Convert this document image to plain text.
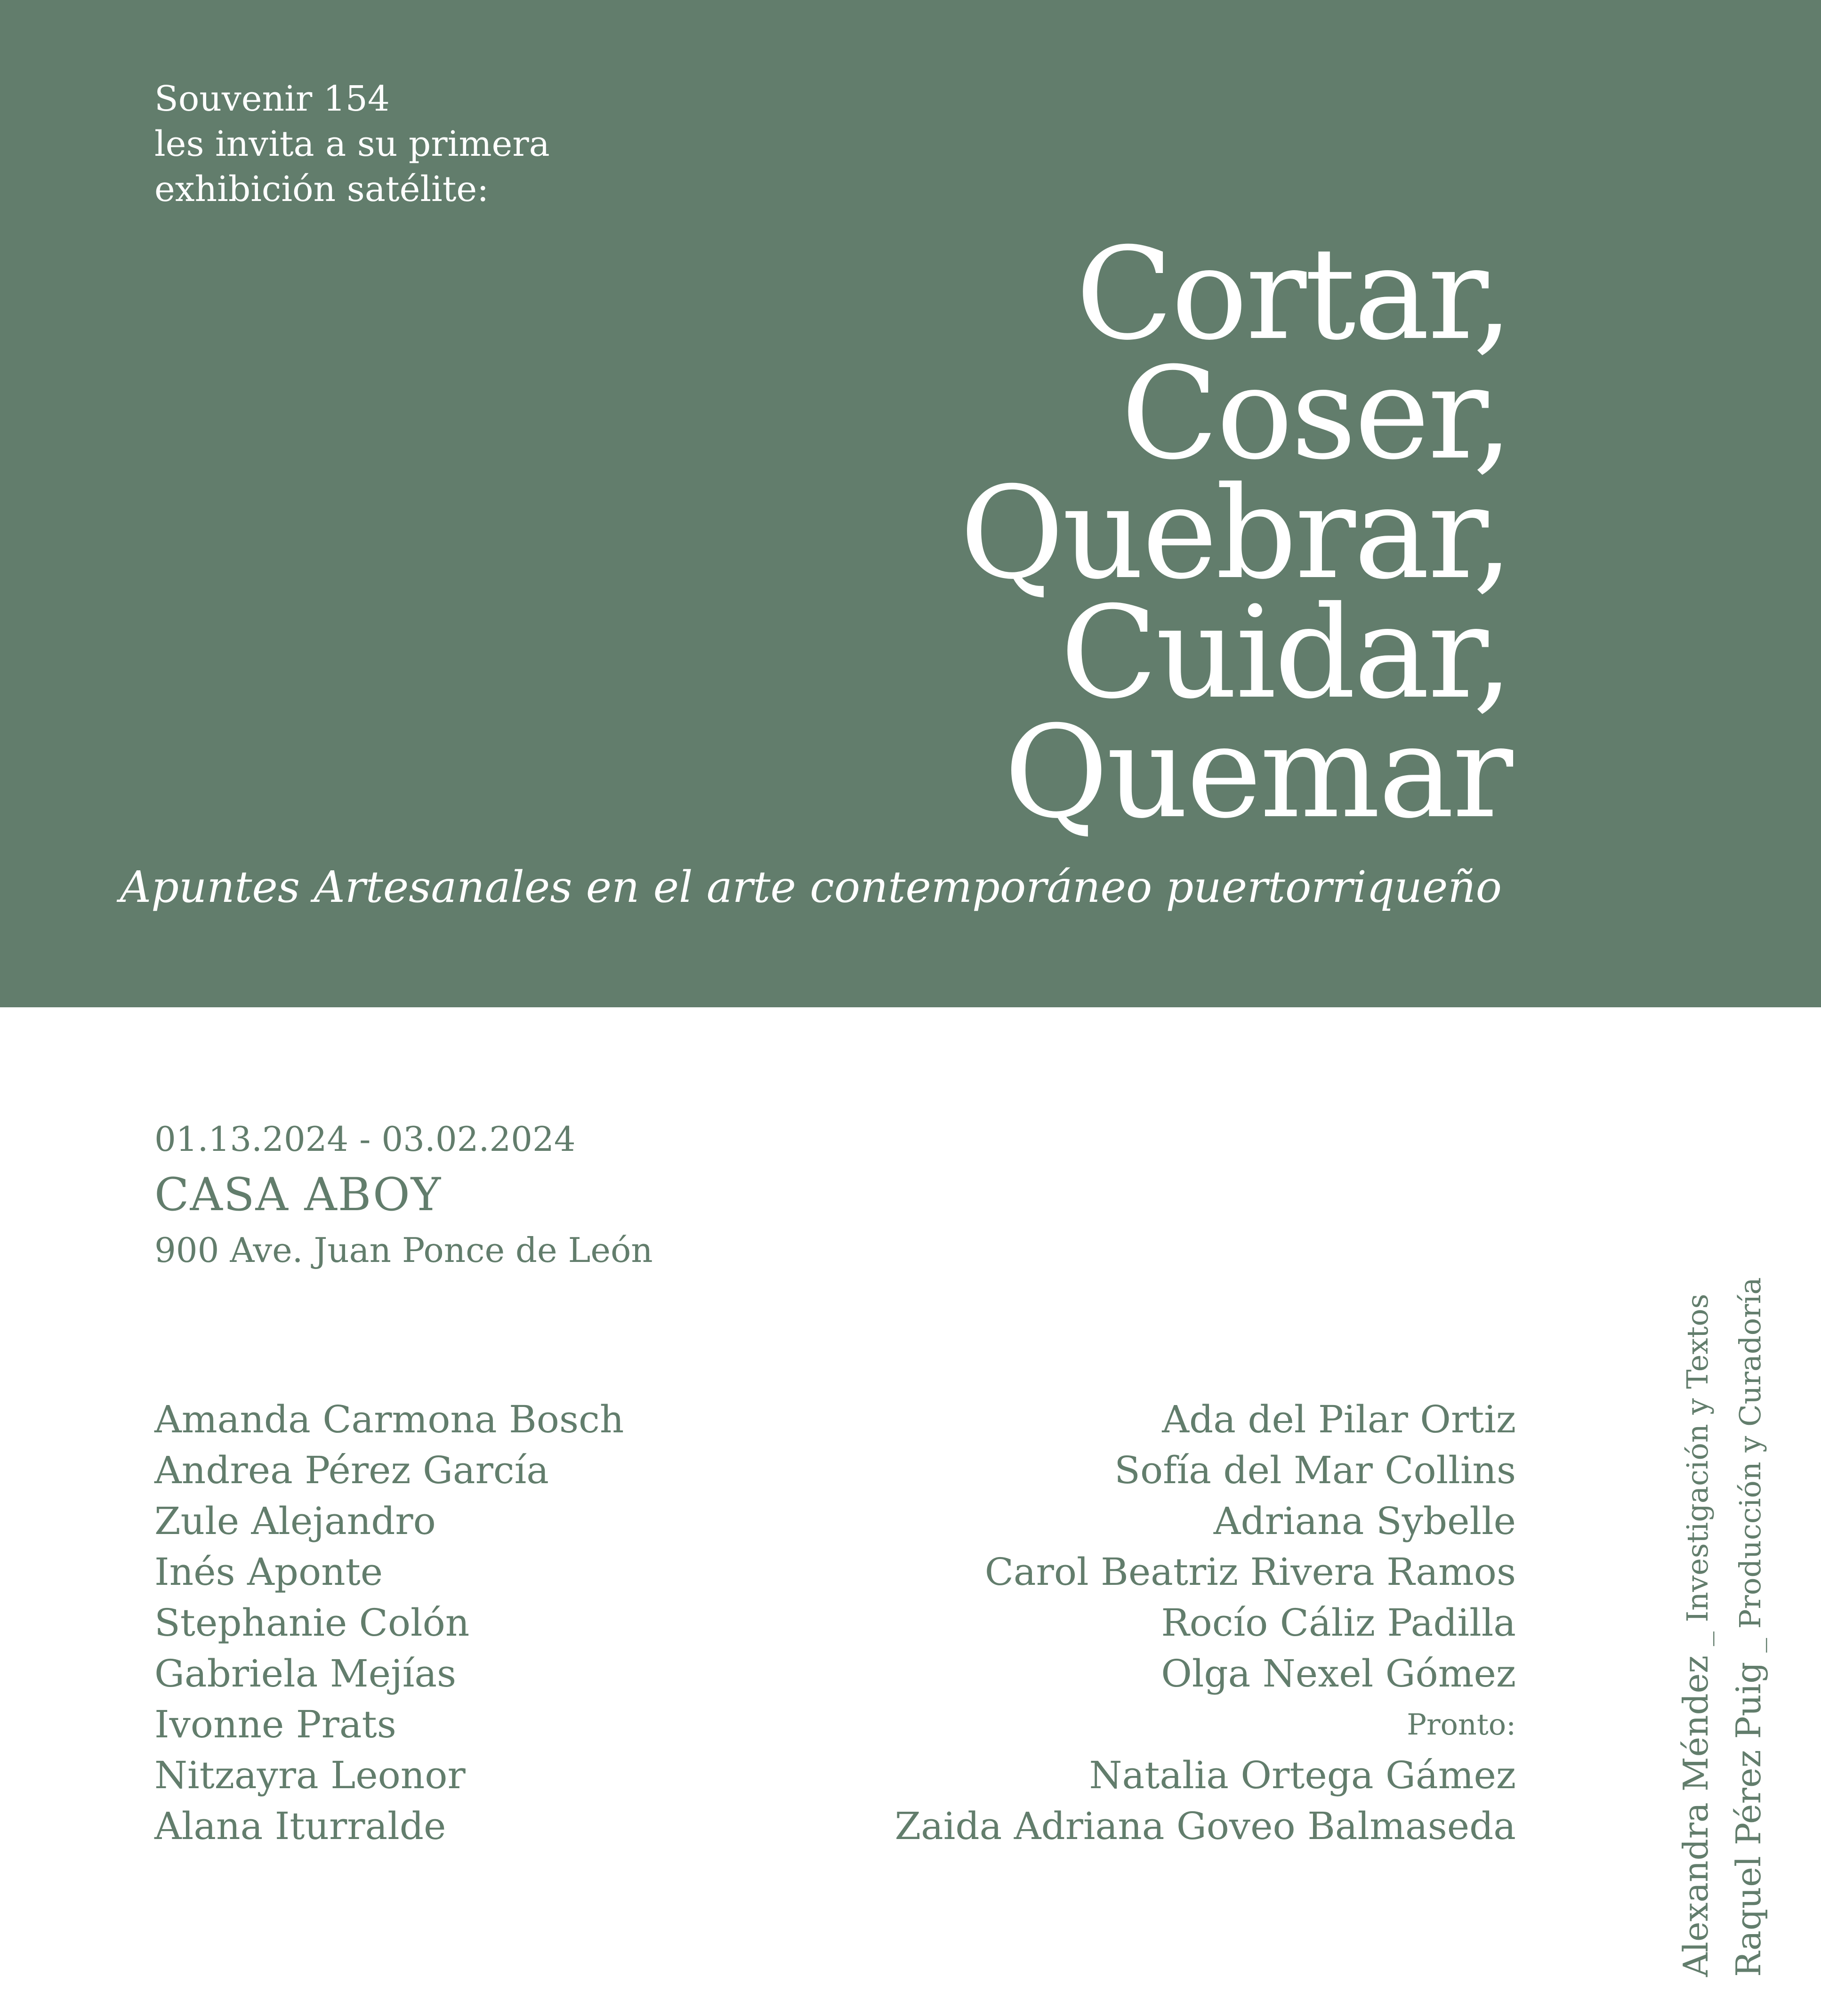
Souvenir 154
les invita a su primera
exhibición satélite:
Cortar,
Coser,
Quebrar,
Cuidar,
Quemar
Apuntes Artesanales en el arte contemporáneo puertorriqueño
01.13.2024 - 03.02.2024
CASA ABOY
900 Ave. Juan Ponce de León
Amanda Carmona Bosch
Andrea Pérez García
Zule Alejandro
Inés Aponte
Stephanie Colón
Gabriela Mejías
Ivonne Prats
Nitzayra Leonor
Alana Iturralde
Ada del Pilar Ortiz
Sofía del Mar Collins
Adriana Sybelle
Carol Beatriz Rivera Ramos
Rocío Cáliz Padilla
Olga Nexel Gómez
Pronto:
Natalia Ortega Gámez
Zaida Adriana Goveo Balmaseda	Alexandra Méndez _ Investigación y Textos
Raquel Pérez Puig _ Producción y Curadoría
